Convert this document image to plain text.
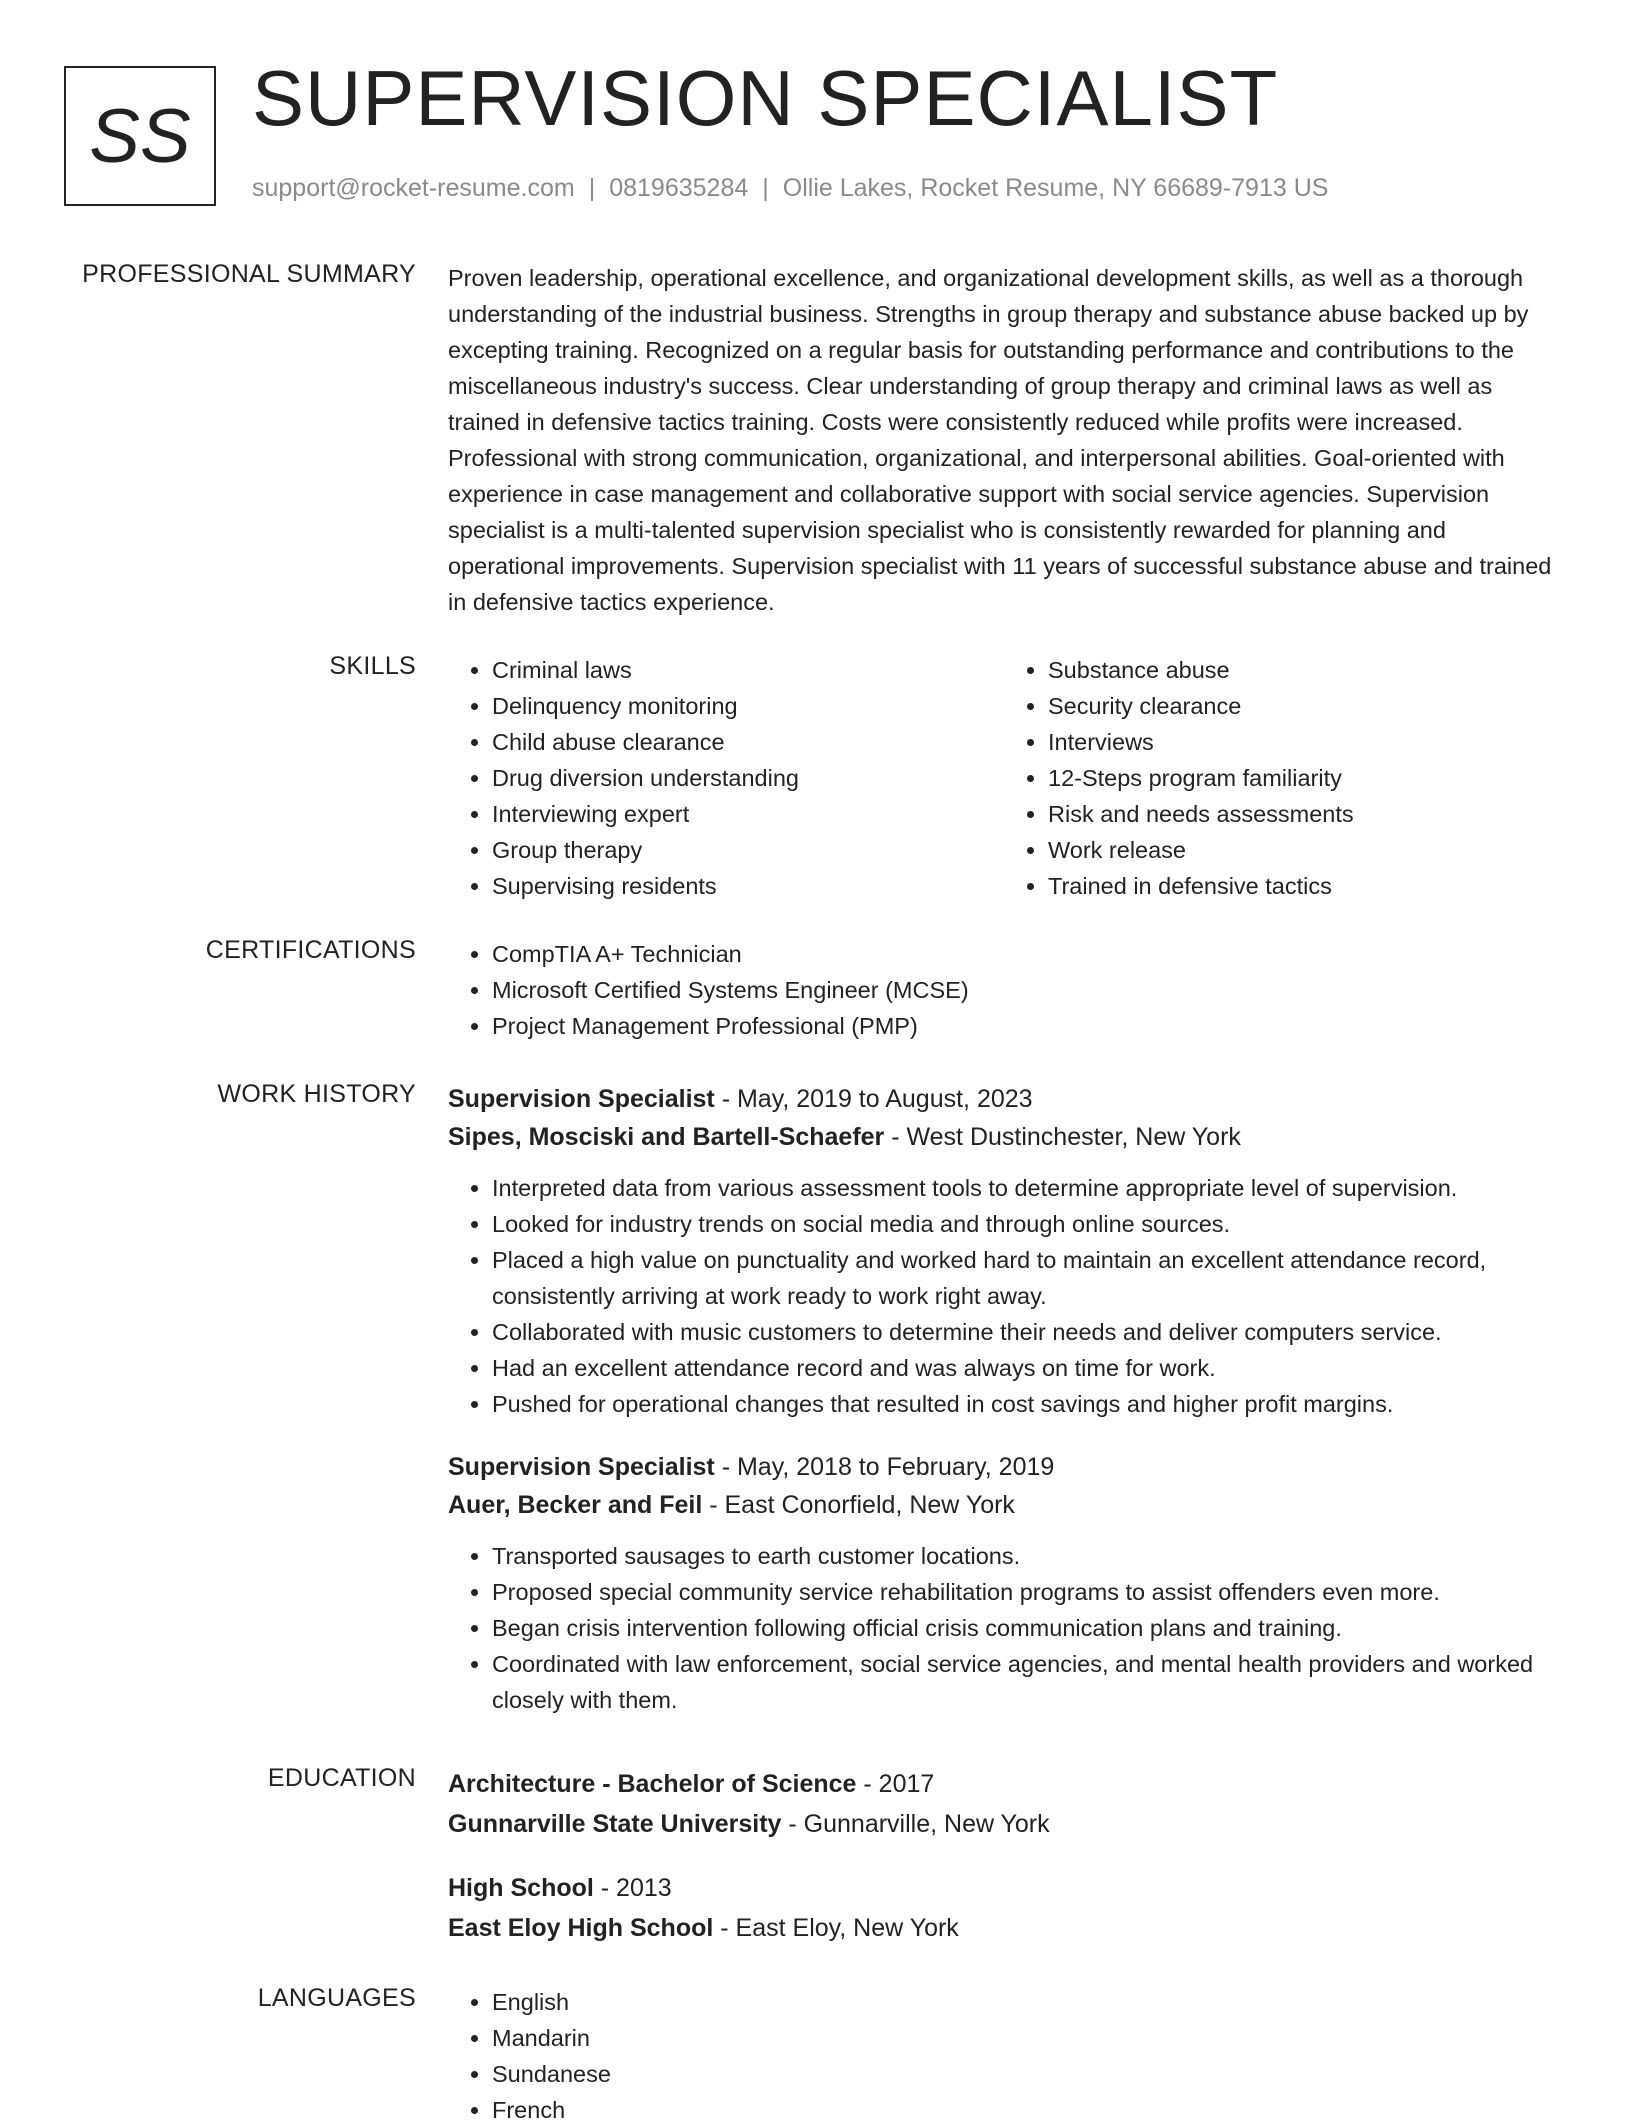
SS SUPERVISION SPECIALIST
support@rocket-resume.com | 0819635284 | Ollie Lakes, Rocket Resume, NY 66689-7913 US
PROFESSIONAL SUMMARY Proven leadership, operational excellence, and organizational development skills, as well as a thorough understanding of the industrial business. Strengths in group therapy and substance abuse backed up by excepting training. Recognized on a regular basis for outstanding performance and contributions to the miscellaneous industry's success. Clear understanding of group therapy and criminal laws as well as trained in defensive tactics training. Costs were consistently reduced while profits were increased. Professional with strong communication, organizational, and interpersonal abilities. Goal-oriented with experience in case management and collaborative support with social service agencies. Supervision specialist is a multi-talented supervision specialist who is consistently rewarded for planning and operational improvements. Supervision specialist with 11 years of successful substance abuse and trained in defensive tactics experience.

SKILLS	• Criminal laws
• Delinquency monitoring
• Child abuse clearance
• Drug diversion understanding
• Interviewing expert
• Group therapy
• Supervising residents
• Substance abuse
• Security clearance
• Interviews
• 12-Steps program familiarity
• Risk and needs assessments
• Work release
• Trained in defensive tactics
CERTIFICATIONS	• CompTIA A+ Technician
• Microsoft Certified Systems Engineer (MCSE)
• Project Management Professional (PMP)
WORK HISTORY Supervision Specialist - May, 2019 to August, 2023
Sipes, Mosciski and Bartell-Schaefer - West Dustinchester, New York
• Interpreted data from various assessment tools to determine appropriate level of supervision.
• Looked for industry trends on social media and through online sources.
• Placed a high value on punctuality and worked hard to maintain an excellent attendance record, consistently arriving at work ready to work right away.
• Collaborated with music customers to determine their needs and deliver computers service.
• Had an excellent attendance record and was always on time for work.
• Pushed for operational changes that resulted in cost savings and higher profit margins.
Supervision Specialist - May, 2018 to February, 2019
Auer, Becker and Feil - East Conorfield, New York
• Transported sausages to earth customer locations.
• Proposed special community service rehabilitation programs to assist offenders even more.
• Began crisis intervention following official crisis communication plans and training.
• Coordinated with law enforcement, social service agencies, and mental health providers and worked closely with them.
EDUCATION Architecture - Bachelor of Science - 2017
Gunnarville State University - Gunnarville, New York
High School - 2013
East Eloy High School - East Eloy, New York
LANGUAGES	• English
• Mandarin
• Sundanese
• French
